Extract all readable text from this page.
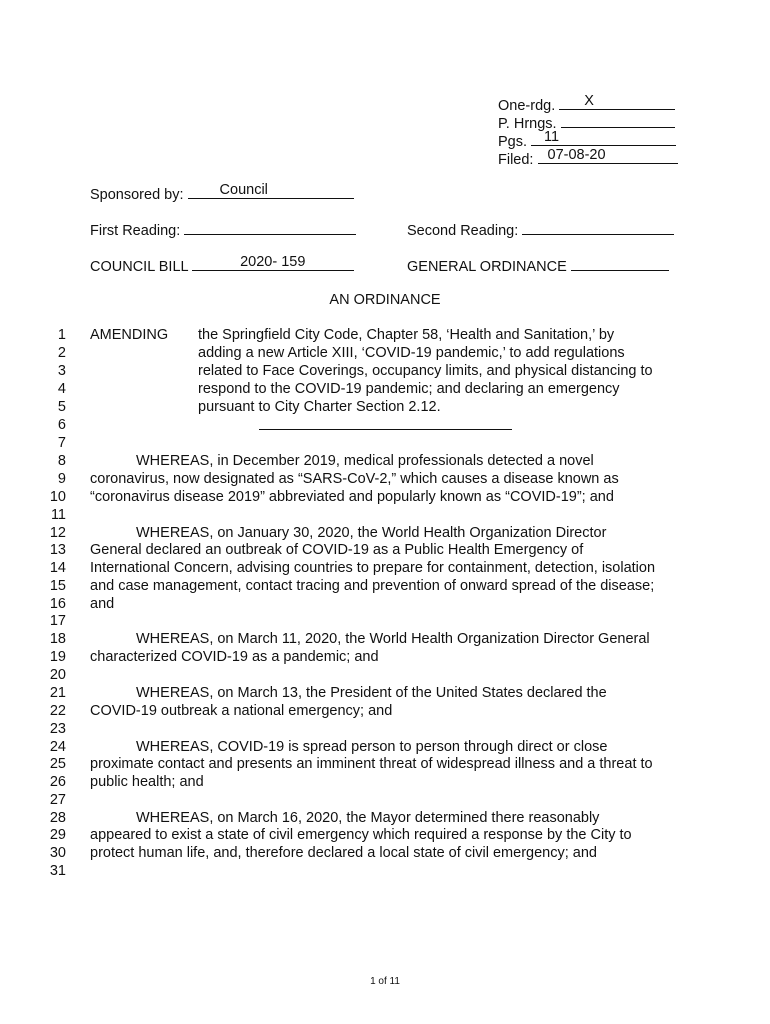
One-rdg. X
P. Hrngs.
Pgs. 11
Filed: 07-08-20
Sponsored by: Council
First Reading:	Second Reading:
COUNCIL BILL	2020- 159	GENERAL ORDINANCE
AN ORDINANCE
1
2
3
4
5
6
7
8
9
10
11
12
13
14
15
16
17
18
19
20
21
22
23
24
25
26
27
28
29
30
31
AMENDING the Springfield City Code, Chapter 58, ‘Health and Sanitation,’ by
adding a new Article XIII, ‘COVID-19 pandemic,’ to add regulations
related to Face Coverings, occupancy limits, and physical distancing to
respond to the COVID-19 pandemic; and declaring an emergency
pursuant to City Charter Section 2.12.
WHEREAS, in December 2019, medical professionals detected a novel
coronavirus, now designated as “SARS-CoV-2,” which causes a disease known as
“coronavirus disease 2019” abbreviated and popularly known as “COVID-19”; and
WHEREAS, on January 30, 2020, the World Health Organization Director
General declared an outbreak of COVID-19 as a Public Health Emergency of
International Concern, advising countries to prepare for containment, detection, isolation
and case management, contact tracing and prevention of onward spread of the disease;
and
WHEREAS, on March 11, 2020, the World Health Organization Director General
characterized COVID-19 as a pandemic; and
WHEREAS, on March 13, the President of the United States declared the
COVID-19 outbreak a national emergency; and
WHEREAS, COVID-19 is spread person to person through direct or close
proximate contact and presents an imminent threat of widespread illness and a threat to
public health; and
WHEREAS, on March 16, 2020, the Mayor determined there reasonably
appeared to exist a state of civil emergency which required a response by the City to
protect human life, and, therefore declared a local state of civil emergency; and
1 of 11
